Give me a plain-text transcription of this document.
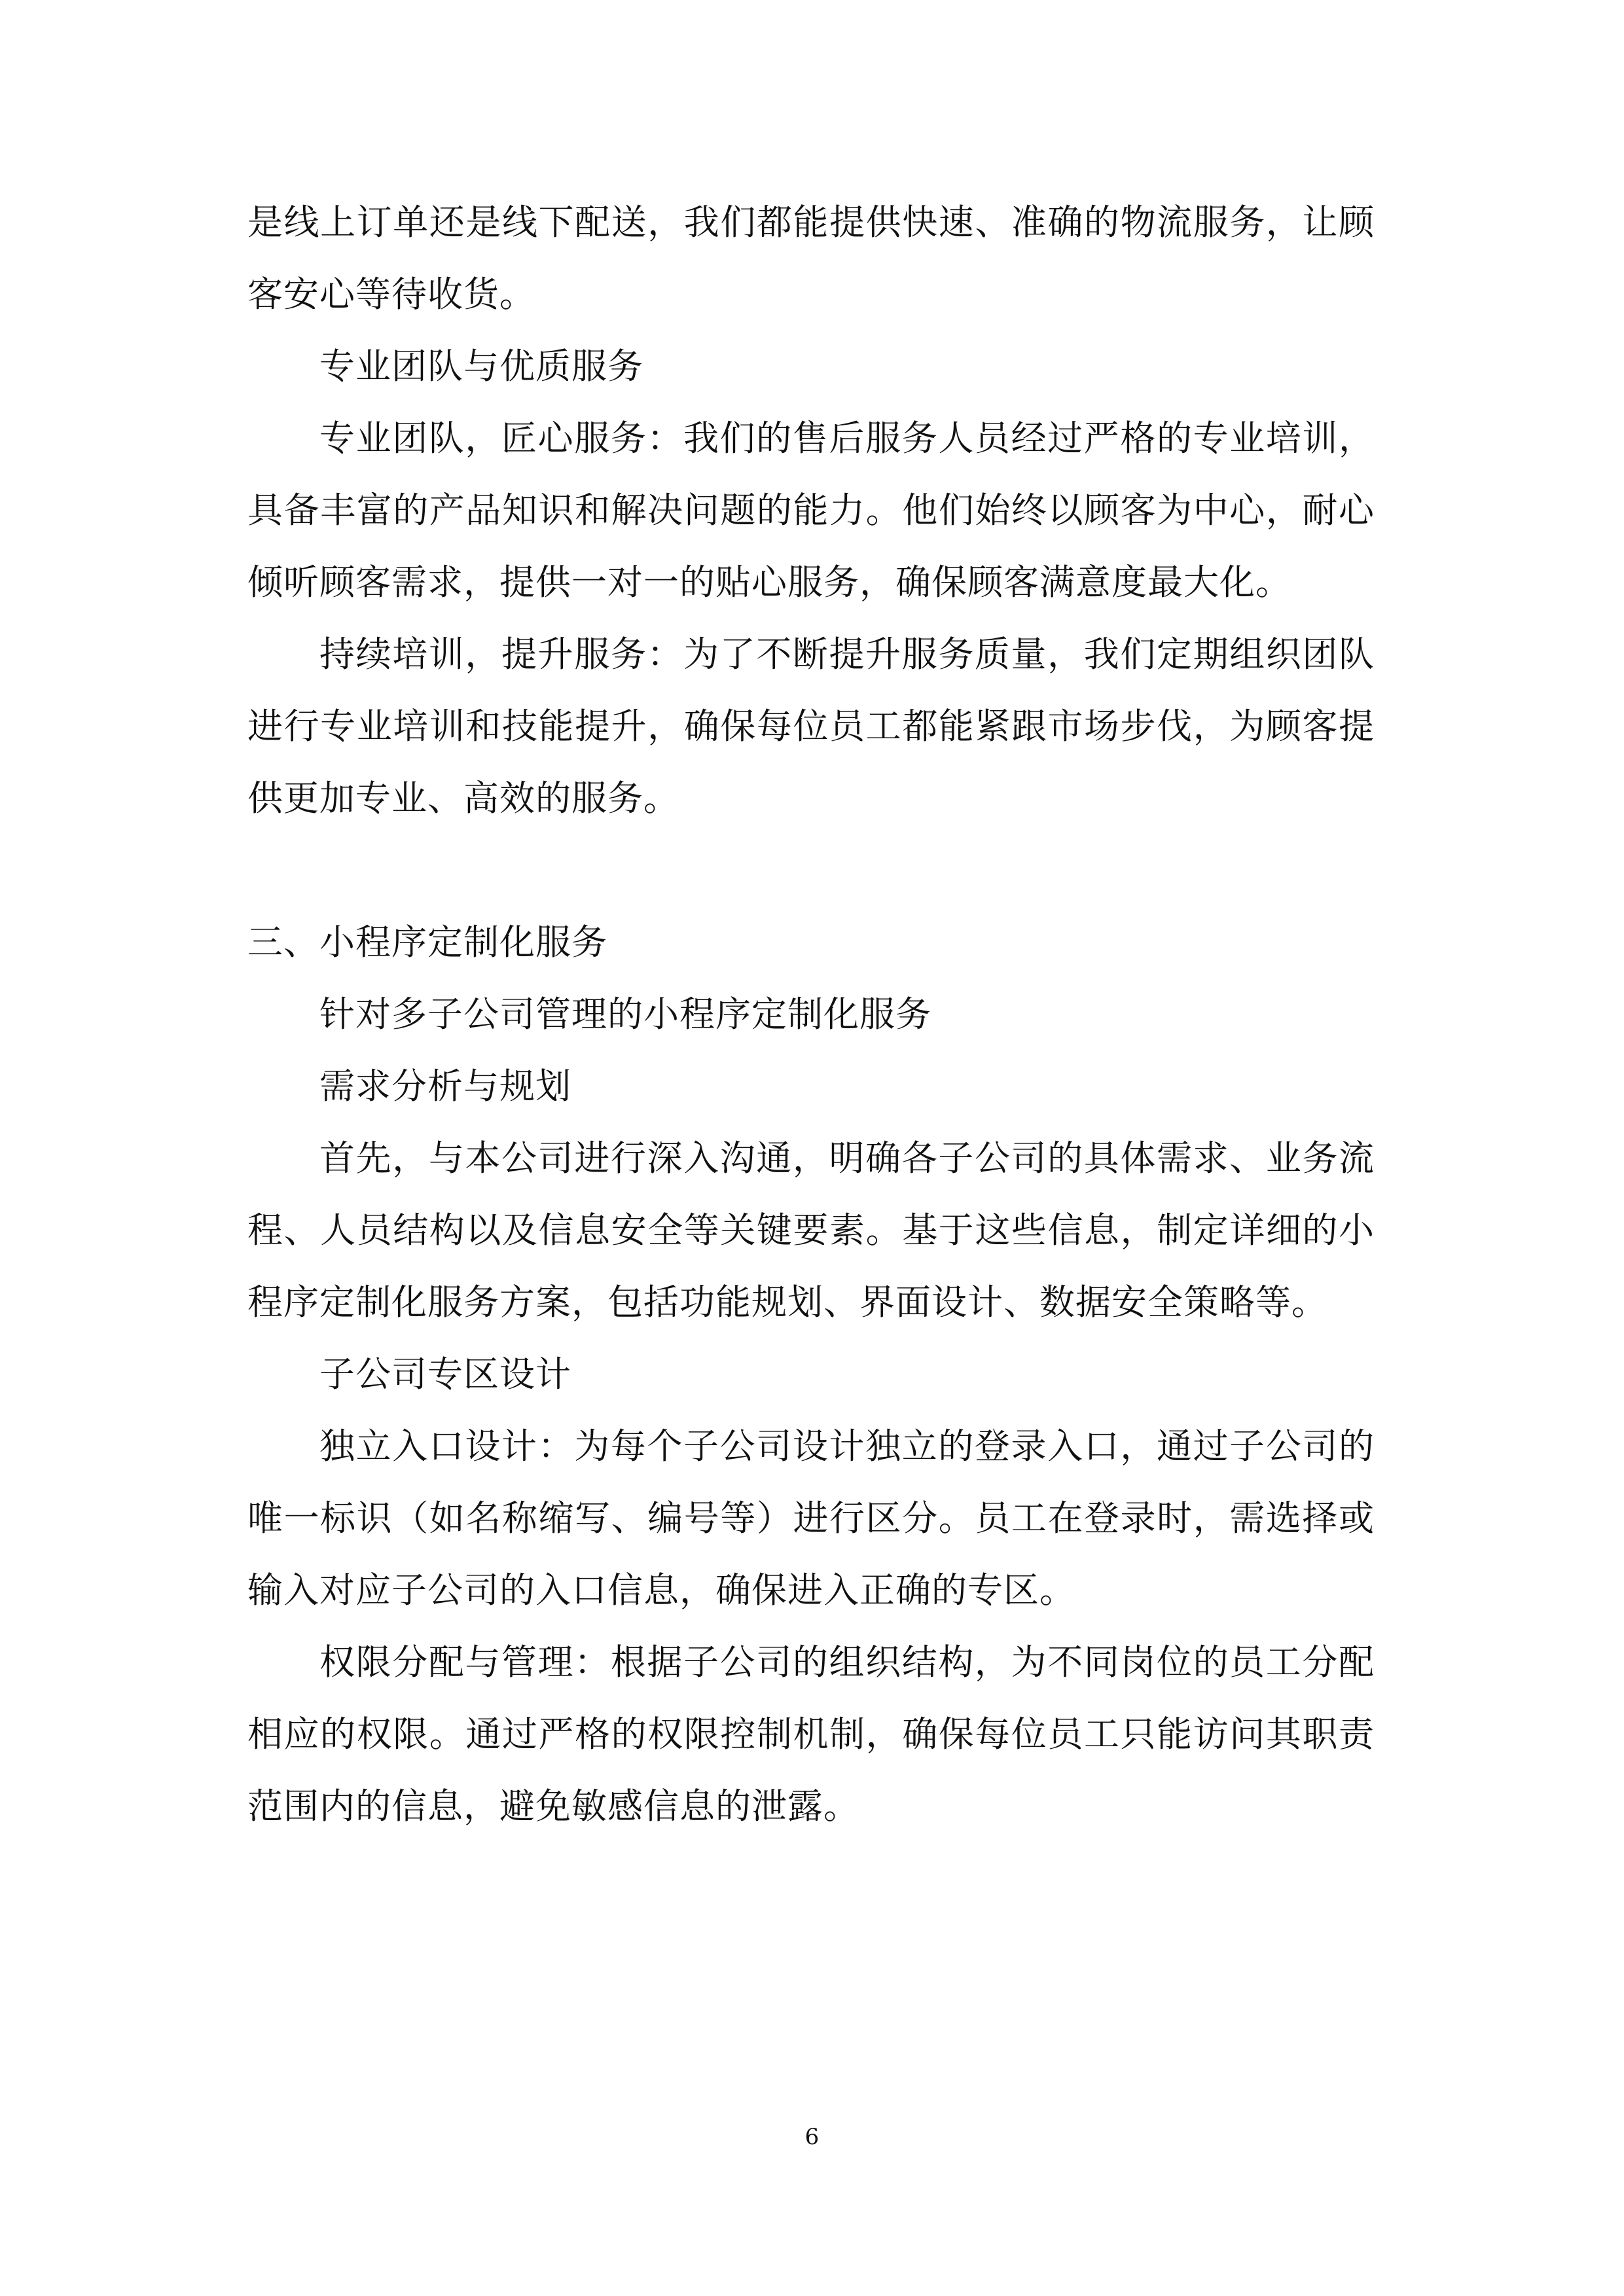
是线上订单还是线下配送，我们都能提供快速、准确的物流服务，让顾客安心等待收货。

专业团队与优质服务

专业团队，匠心服务：我们的售后服务人员经过严格的专业培训，具备丰富的产品知识和解决问题的能力。他们始终以顾客为中心，耐心倾听顾客需求，提供一对一的贴心服务，确保顾客满意度最大化。

持续培训，提升服务：为了不断提升服务质量，我们定期组织团队进行专业培训和技能提升，确保每位员工都能紧跟市场步伐，为顾客提供更加专业、高效的服务。

三、小程序定制化服务

针对多子公司管理的小程序定制化服务

需求分析与规划

首先，与本公司进行深入沟通，明确各子公司的具体需求、业务流程、人员结构以及信息安全等关键要素。基于这些信息，制定详细的小程序定制化服务方案，包括功能规划、界面设计、数据安全策略等。

子公司专区设计

独立入口设计：为每个子公司设计独立的登录入口，通过子公司的唯一标识（如名称缩写、编号等）进行区分。员工在登录时，需选择或输入对应子公司的入口信息，确保进入正确的专区。

权限分配与管理：根据子公司的组织结构，为不同岗位的员工分配相应的权限。通过严格的权限控制机制，确保每位员工只能访问其职责范围内的信息，避免敏感信息的泄露。

6
